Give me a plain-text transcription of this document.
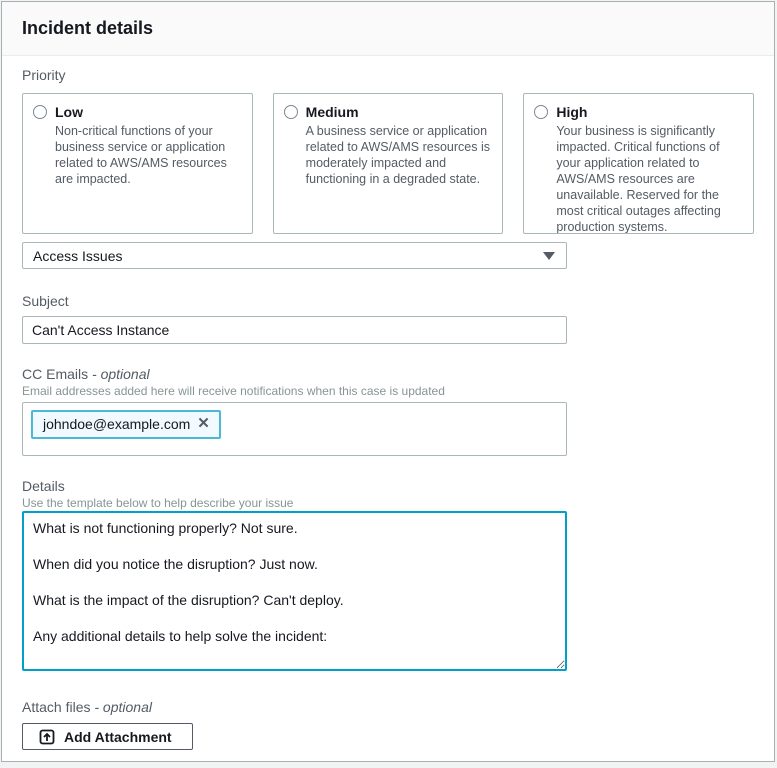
Incident details
Priority
Low
Non-critical functions of your business service or application related to AWS/AMS resources are impacted.
Medium
A business service or application related to AWS/AMS resources is moderately impacted and functioning in a degraded state.
High
Your business is significantly impacted. Critical functions of your application related to AWS/AMS resources are unavailable. Reserved for the most critical outages affecting production systems.
Access Issues
Subject
Can't Access Instance
CC Emails - optional
Email addresses added here will receive notifications when this case is updated
johndoe@example.com ✕
Details
Use the template below to help describe your issue
What is not functioning properly? Not sure. When did you notice the disruption? Just now. What is the impact of the disruption? Can't deploy. Any additional details to help solve the incident:
Attach files - optional
Add Attachment
